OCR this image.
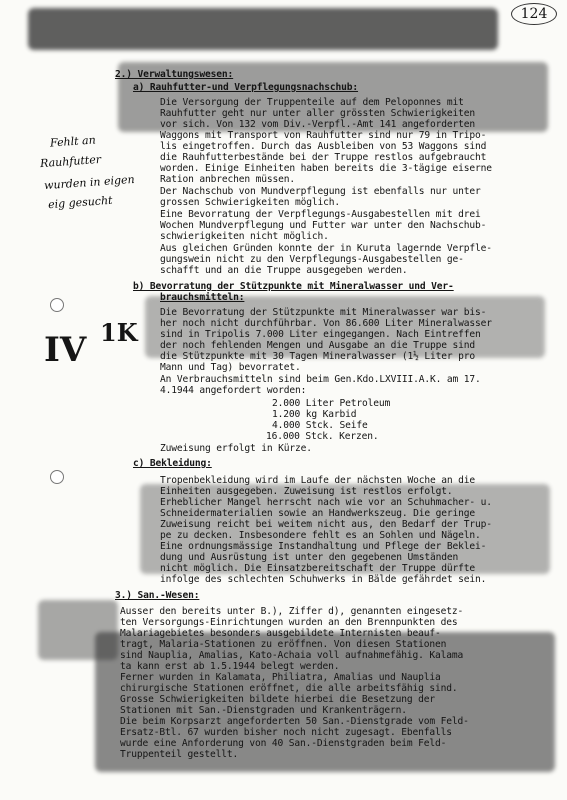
124
Fehlt an
Rauhfutter
wurden in eigen
eig gesucht
IV 1K
2.) Verwaltungswesen:
a) Rauhfutter-und Verpflegungsnachschub:
Die Versorgung der Truppenteile auf dem Peloponnes mit
Rauhfutter geht nur unter aller grössten Schwierigkeiten
vor sich. Von 132 vom Div.-Verpfl.-Amt 141 angeforderten
Waggons mit Transport von Rauhfutter sind nur 79 in Tripo-
lis eingetroffen. Durch das Ausbleiben von 53 Waggons sind
die Rauhfutterbestände bei der Truppe restlos aufgebraucht
worden. Einige Einheiten haben bereits die 3-tägige eiserne
Ration anbrechen müssen.
Der Nachschub von Mundverpflegung ist ebenfalls nur unter
grossen Schwierigkeiten möglich.
Eine Bevorratung der Verpflegungs-Ausgabestellen mit drei
Wochen Mundverpflegung und Futter war unter den Nachschub-
schwierigkeiten nicht möglich.
Aus gleichen Gründen konnte der in Kuruta lagernde Verpfle-
gungswein nicht zu den Verpflegungs-Ausgabestellen ge-
schafft und an die Truppe ausgegeben werden.
b) Bevorratung der Stützpunkte mit Mineralwasser und Ver-
brauchsmitteln:
Die Bevorratung der Stützpunkte mit Mineralwasser war bis-
her noch nicht durchführbar. Von 86.600 Liter Mineralwasser
sind in Tripolis 7.000 Liter eingegangen. Nach Eintreffen
der noch fehlenden Mengen und Ausgabe an die Truppe sind
die Stützpunkte mit 30 Tagen Mineralwasser (1½ Liter pro
Mann und Tag) bevorratet.
An Verbrauchsmitteln sind beim Gen.Kdo.LXVIII.A.K. am 17.
4.1944 angefordert worden:
2.000 Liter Petroleum
1.200 kg Karbid
4.000 Stck. Seife
16.000 Stck. Kerzen.
Zuweisung erfolgt in Kürze.
c) Bekleidung:
Tropenbekleidung wird im Laufe der nächsten Woche an die
Einheiten ausgegeben. Zuweisung ist restlos erfolgt.
Erheblicher Mangel herrscht nach wie vor an Schuhmacher- u.
Schneidermaterialien sowie an Handwerkszeug. Die geringe
Zuweisung reicht bei weitem nicht aus, den Bedarf der Trup-
pe zu decken. Insbesondere fehlt es an Sohlen und Nägeln.
Eine ordnungsmässige Instandhaltung und Pflege der Beklei-
dung und Ausrüstung ist unter den gegebenen Umständen
nicht möglich. Die Einsatzbereitschaft der Truppe dürfte
infolge des schlechten Schuhwerks in Bälde gefährdet sein.
3.) San.-Wesen:
Ausser den bereits unter B.), Ziffer d), genannten eingesetz-
ten Versorgungs-Einrichtungen wurden an den Brennpunkten des
Malariagebietes besonders ausgebildete Internisten beauf-
tragt, Malaria-Stationen zu eröffnen. Von diesen Stationen
sind Nauplia, Amalias, Kato-Achaia voll aufnahmefähig. Kalama
ta kann erst ab 1.5.1944 belegt werden.
Ferner wurden in Kalamata, Philiatra, Amalias und Nauplia
chirurgische Stationen eröffnet, die alle arbeitsfähig sind.
Grosse Schwierigkeiten bildete hierbei die Besetzung der
Stationen mit San.-Dienstgraden und Krankenträgern.
Die beim Korpsarzt angeforderten 50 San.-Dienstgrade vom Feld-
Ersatz-Btl. 67 wurden bisher noch nicht zugesagt. Ebenfalls
wurde eine Anforderung von 40 San.-Dienstgraden beim Feld-
Truppenteil gestellt.
